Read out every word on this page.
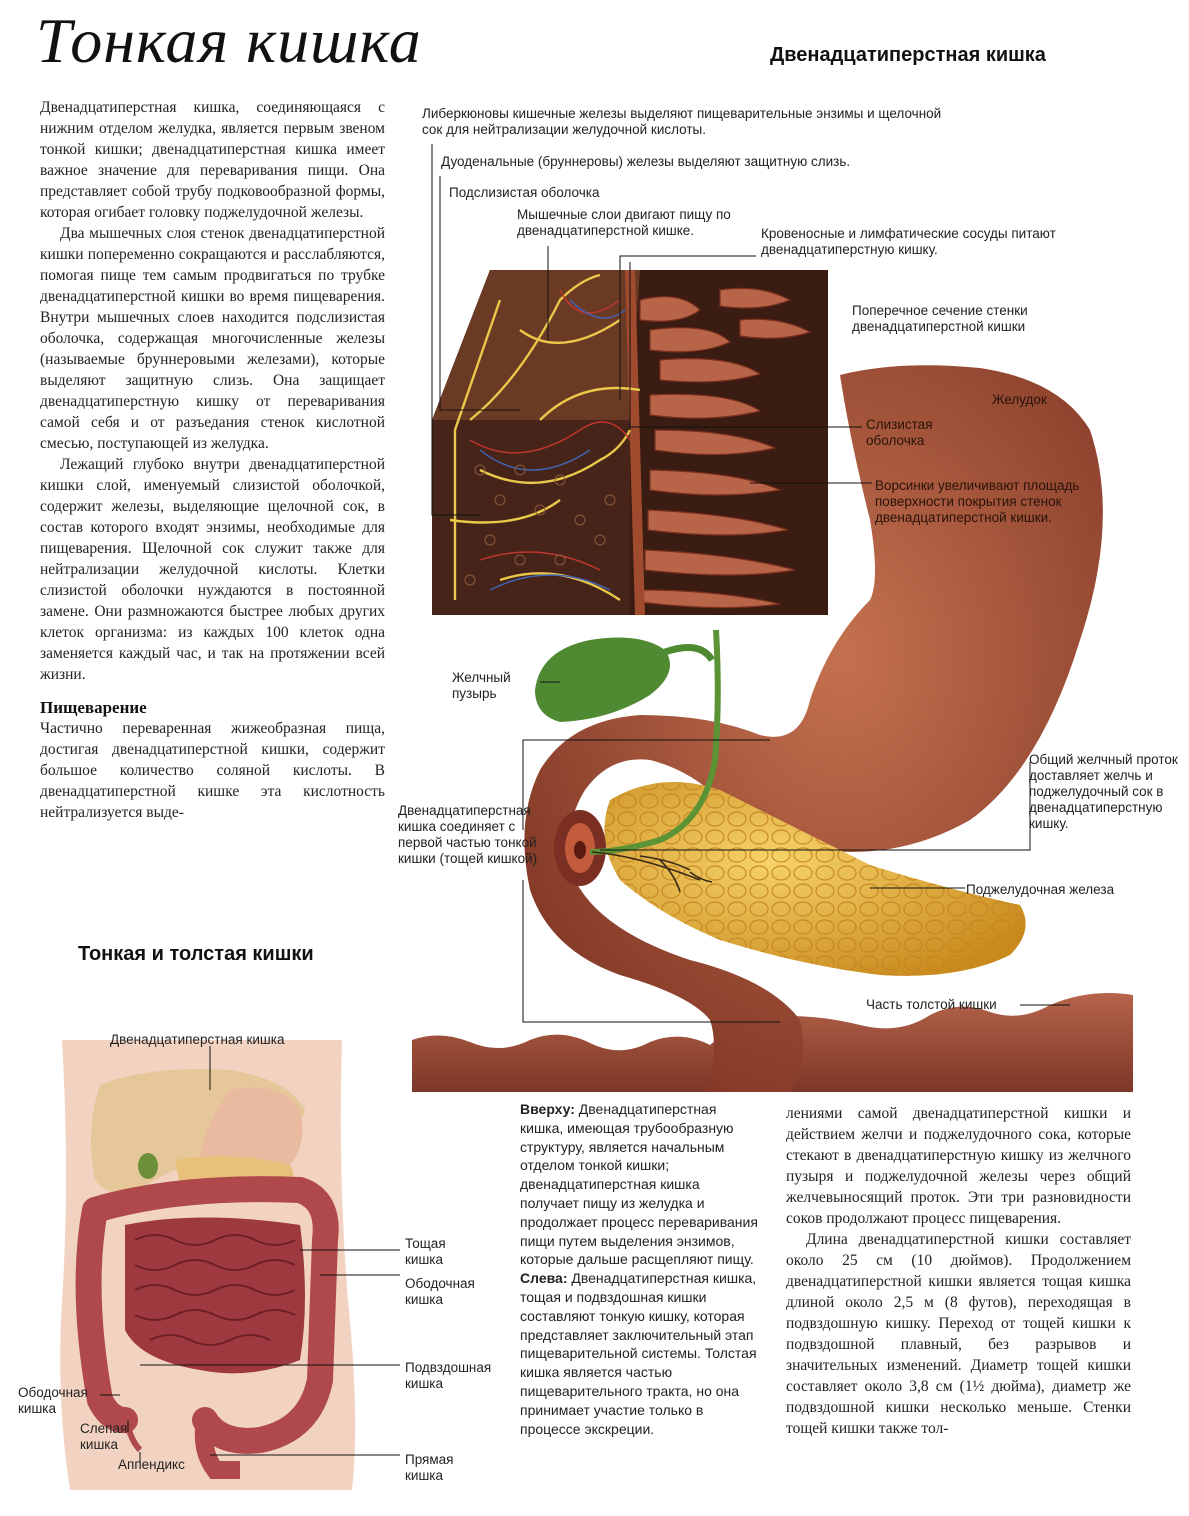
Тонкая кишка	Двенадцатиперстная кишка

Двенадцатиперстная кишка, соединяющаяся с нижним отделом желудка, является первым звеном тонкой кишки; двенадцатиперстная кишка имеет важное значение для переваривания пищи. Она представляет собой трубу подковообразной формы, которая огибает головку поджелудочной железы.

Два мышечных слоя стенок двенадцатиперстной кишки попеременно сокращаются и расслабляются, помогая пище тем самым продвигаться по трубке двенадцатиперстной кишки во время пищеварения. Внутри мышечных слоев находится подслизистая оболочка, содержащая многочисленные железы (называемые бруннеровыми железами), которые выделяют защитную слизь. Она защищает двенадцатиперстную кишку от переваривания самой себя и от разъедания стенок кислотной смесью, поступающей из желудка.

Лежащий глубоко внутри двенадцатиперстной кишки слой, именуемый слизистой оболочкой, содержит железы, выделяющие щелочной сок, в состав которого входят энзимы, необходимые для пищеварения. Щелочной сок служит также для нейтрализации желудочной кислоты. Клетки слизистой оболочки нуждаются в постоянной замене. Они размножаются быстрее любых других клеток организма: из каждых 100 клеток одна заменяется каждый час, и так на протяжении всей жизни.

Пищеварение

Частично переваренная жижеобразная пища, достигая двенадцатиперстной кишки, содержит большое количество соляной кислоты. В двенадцатиперстной кишке эта кислотность нейтрализуется выде-

Либеркюновы кишечные железы выделяют пищеварительные энзимы и щелочной сок для нейтрализации желудочной кислоты.
Дуоденальные (бруннеровы) железы выделяют защитную слизь.
Подслизистая оболочка
Мышечные слои двигают пищу по двенадцатиперстной кишке.	Кровеносные и лимфатические сосуды питают двенадцатиперстную кишку.
Поперечное сечение стенки двенадцатиперстной кишки
Желудок
Слизистая оболочка
Ворсинки увеличивают площадь поверхности покрытия стенок двенадцатиперстной кишки.
Желчный пузырь
Общий желчный проток доставляет желчь и поджелудочный сок в двенадцатиперстную кишку.
Двенадцатиперстная кишка соединяет с первой частью тонкой кишки (тощей кишкой)
Поджелудочная железа
Часть толстой кишки
Тонкая и толстая кишки
Двенадцатиперстная кишка
Тощая кишка
Ободочная кишка
Подвздошная кишка
Ободочная кишка
Слепая кишка
Аппендикс	Прямая кишка
Вверху: Двенадцатиперстная кишка, имеющая трубообразную структуру, является начальным отделом тонкой кишки; двенадцатиперстная кишка получает пищу из желудка и продолжает процесс переваривания пищи путем выделения энзимов, которые дальше расщепляют пищу.
Слева: Двенадцатиперстная кишка, тощая и подвздошная кишки составляют тонкую кишку, которая представляет заключительный этап пищеварительной системы. Толстая кишка является частью пищеварительного тракта, но она принимает участие только в процессе экскреции.

лениями самой двенадцатиперстной кишки и действием желчи и поджелудочного сока, которые стекают в двенадцатиперстную кишку из желчного пузыря и поджелудочной железы через общий желчевыносящий проток. Эти три разновидности соков продолжают процесс пищеварения.

Длина двенадцатиперстной кишки составляет около 25 см (10 дюймов). Продолжением двенадцатиперстной кишки является тощая кишка длиной около 2,5 м (8 футов), переходящая в подвздошную кишку. Переход от тощей кишки к подвздошной плавный, без разрывов и значительных изменений. Диаметр тощей кишки составляет около 3,8 см (1½ дюйма), диаметр же подвздошной кишки несколько меньше. Стенки тощей кишки также тол-
